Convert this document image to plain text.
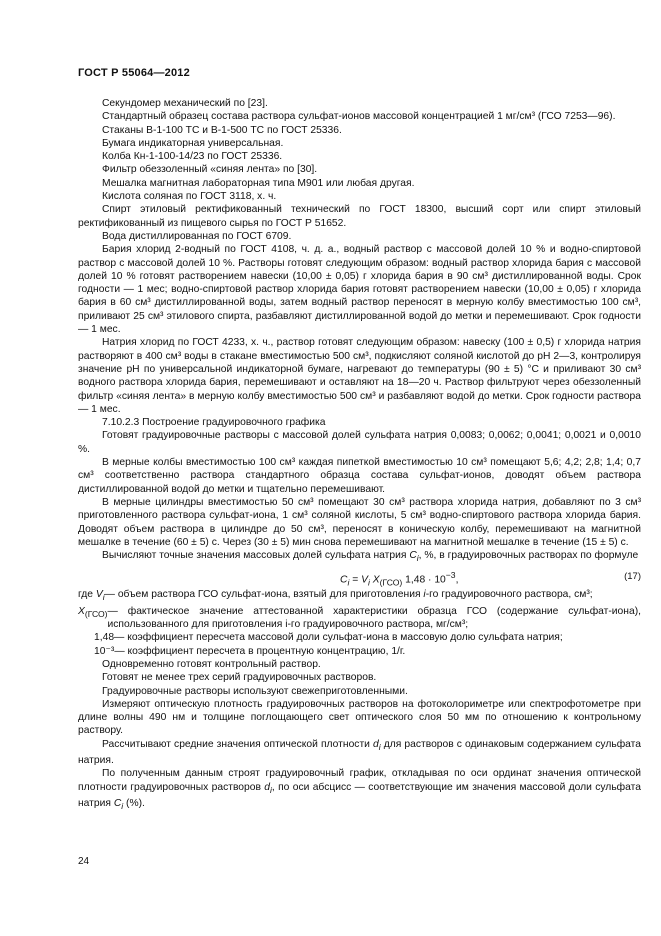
ГОСТ Р 55064—2012

Секундомер механический по [23].

Стандартный образец состава раствора сульфат-ионов массовой концентрацией 1 мг/см³ (ГСО 7253—96).

Стаканы В-1-100 ТС и В-1-500 ТС по ГОСТ 25336.

Бумага индикаторная универсальная.

Колба Кн-1-100-14/23 по ГОСТ 25336.

Фильтр обеззоленный «синяя лента» по [30].

Мешалка магнитная лабораторная типа М901 или любая другая.

Кислота соляная по ГОСТ 3118, х. ч.

Спирт этиловый ректификованный технический по ГОСТ 18300, высший сорт или спирт этиловый ректификованный из пищевого сырья по ГОСТ Р 51652.

Вода дистиллированная по ГОСТ 6709.

Бария хлорид 2-водный по ГОСТ 4108, ч. д. а., водный раствор с массовой долей 10 % и водно-спиртовой раствор с массовой долей 10 %. Растворы готовят следующим образом: водный раствор хлорида бария с массовой долей 10 % готовят растворением навески (10,00 ± 0,05) г хлорида бария в 90 см³ дистиллированной воды. Срок годности — 1 мес; водно-спиртовой раствор хлорида бария готовят растворением навески (10,00 ± 0,05) г хлорида бария в 60 см³ дистиллированной воды, затем водный раствор переносят в мерную колбу вместимостью 100 см³, приливают 25 см³ этилового спирта, разбавляют дистиллированной водой до метки и перемешивают. Срок годности — 1 мес.

Натрия хлорид по ГОСТ 4233, х. ч., раствор готовят следующим образом: навеску (100 ± 0,5) г хлорида натрия растворяют в 400 см³ воды в стакане вместимостью 500 см³, подкисляют соляной кислотой до рН 2—3, контролируя значение рН по универсальной индикаторной бумаге, нагревают до температуры (90 ± 5) °С и приливают 30 см³ водного раствора хлорида бария, перемешивают и оставляют на 18—20 ч. Раствор фильтруют через обеззоленный фильтр «синяя лента» в мерную колбу вместимостью 500 см³ и разбавляют водой до метки. Срок годности раствора — 1 мес.

7.10.2.3 Построение градуировочного графика

Готовят градуировочные растворы с массовой долей сульфата натрия 0,0083; 0,0062; 0,0041; 0,0021 и 0,0010 %.

В мерные колбы вместимостью 100 см³ каждая пипеткой вместимостью 10 см³ помещают 5,6; 4,2; 2,8; 1,4; 0,7 см³ соответственно раствора стандартного образца состава сульфат-ионов, доводят объем раствора дистиллированной водой до метки и тщательно перемешивают.

В мерные цилиндры вместимостью 50 см³ помещают 30 см³ раствора хлорида натрия, добавляют по 3 см³ приготовленного раствора сульфат-иона, 1 см³ соляной кислоты, 5 см³ водно-спиртового раствора хлорида бария. Доводят объем раствора в цилиндре до 50 см³, переносят в коническую колбу, перемешивают на магнитной мешалке в течение (60 ± 5) с. Через (30 ± 5) мин снова перемешивают на магнитной мешалке в течение (15 ± 5) с.

Вычисляют точные значения массовых долей сульфата натрия $C_i$, %, в градуировочных растворах по формуле

$C_i = V_i$ $X_{(ГСО)}$ $1,48 \cdot 10^{-3}$,	(17)
где $V_i$ — объем раствора ГСО сульфат-иона, взятый для приготовления i-го градуировочного раствора, см³;
$X_{(ГСО)}$ — фактическое значение аттестованной характеристики образца ГСО (содержание сульфат-иона), использованного для приготовления i-го градуировочного раствора, мг/см³;
1,48 — коэффициент пересчета массовой доли сульфат-иона в массовую долю сульфата натрия;
10⁻³ — коэффициент пересчета в процентную концентрацию, 1/г.

Одновременно готовят контрольный раствор.

Готовят не менее трех серий градуировочных растворов.

Градуировочные растворы используют свежеприготовленными.

Измеряют оптическую плотность градуировочных растворов на фотоколориметре или спектрофотометре при длине волны 490 нм и толщине поглощающего свет оптического слоя 50 мм по отношению к контрольному раствору.

Рассчитывают средние значения оптической плотности $d_i$ для растворов с одинаковым содержанием сульфата натрия.

По полученным данным строят градуировочный график, откладывая по оси ординат значения оптической плотности градуировочных растворов $d_i$, по оси абсцисс — соответствующие им значения массовой доли сульфата натрия $C_i$ (%).

24
